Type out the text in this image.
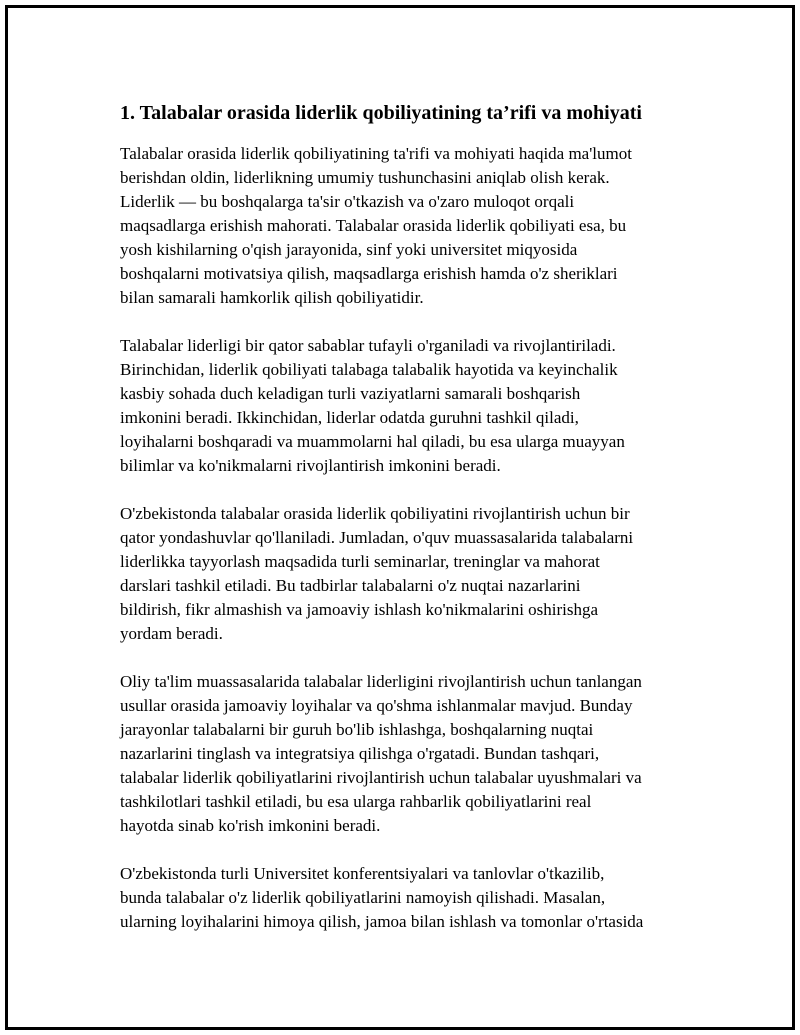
1. Talabalar orasida liderlik qobiliyatining ta’rifi va mohiyati

Talabalar orasida liderlik qobiliyatining ta'rifi va mohiyati haqida ma'lumot
berishdan oldin, liderlikning umumiy tushunchasini aniqlab olish kerak.
Liderlik — bu boshqalarga ta'sir o'tkazish va o'zaro muloqot orqali
maqsadlarga erishish mahorati. Talabalar orasida liderlik qobiliyati esa, bu
yosh kishilarning o'qish jarayonida, sinf yoki universitet miqyosida
boshqalarni motivatsiya qilish, maqsadlarga erishish hamda o'z sheriklari
bilan samarali hamkorlik qilish qobiliyatidir.

Talabalar liderligi bir qator sabablar tufayli o'rganiladi va rivojlantiriladi.
Birinchidan, liderlik qobiliyati talabaga talabalik hayotida va keyinchalik
kasbiy sohada duch keladigan turli vaziyatlarni samarali boshqarish
imkonini beradi. Ikkinchidan, liderlar odatda guruhni tashkil qiladi,
loyihalarni boshqaradi va muammolarni hal qiladi, bu esa ularga muayyan
bilimlar va ko'nikmalarni rivojlantirish imkonini beradi.

O'zbekistonda talabalar orasida liderlik qobiliyatini rivojlantirish uchun bir
qator yondashuvlar qo'llaniladi. Jumladan, o'quv muassasalarida talabalarni
liderlikka tayyorlash maqsadida turli seminarlar, treninglar va mahorat
darslari tashkil etiladi. Bu tadbirlar talabalarni o'z nuqtai nazarlarini
bildirish, fikr almashish va jamoaviy ishlash ko'nikmalarini oshirishga
yordam beradi.

Oliy ta'lim muassasalarida talabalar liderligini rivojlantirish uchun tanlangan
usullar orasida jamoaviy loyihalar va qo'shma ishlanmalar mavjud. Bunday
jarayonlar talabalarni bir guruh bo'lib ishlashga, boshqalarning nuqtai
nazarlarini tinglash va integratsiya qilishga o'rgatadi. Bundan tashqari,
talabalar liderlik qobiliyatlarini rivojlantirish uchun talabalar uyushmalari va
tashkilotlari tashkil etiladi, bu esa ularga rahbarlik qobiliyatlarini real
hayotda sinab ko'rish imkonini beradi.

O'zbekistonda turli Universitet konferentsiyalari va tanlovlar o'tkazilib,
bunda talabalar o'z liderlik qobiliyatlarini namoyish qilishadi. Masalan,
ularning loyihalarini himoya qilish, jamoa bilan ishlash va tomonlar o'rtasida
